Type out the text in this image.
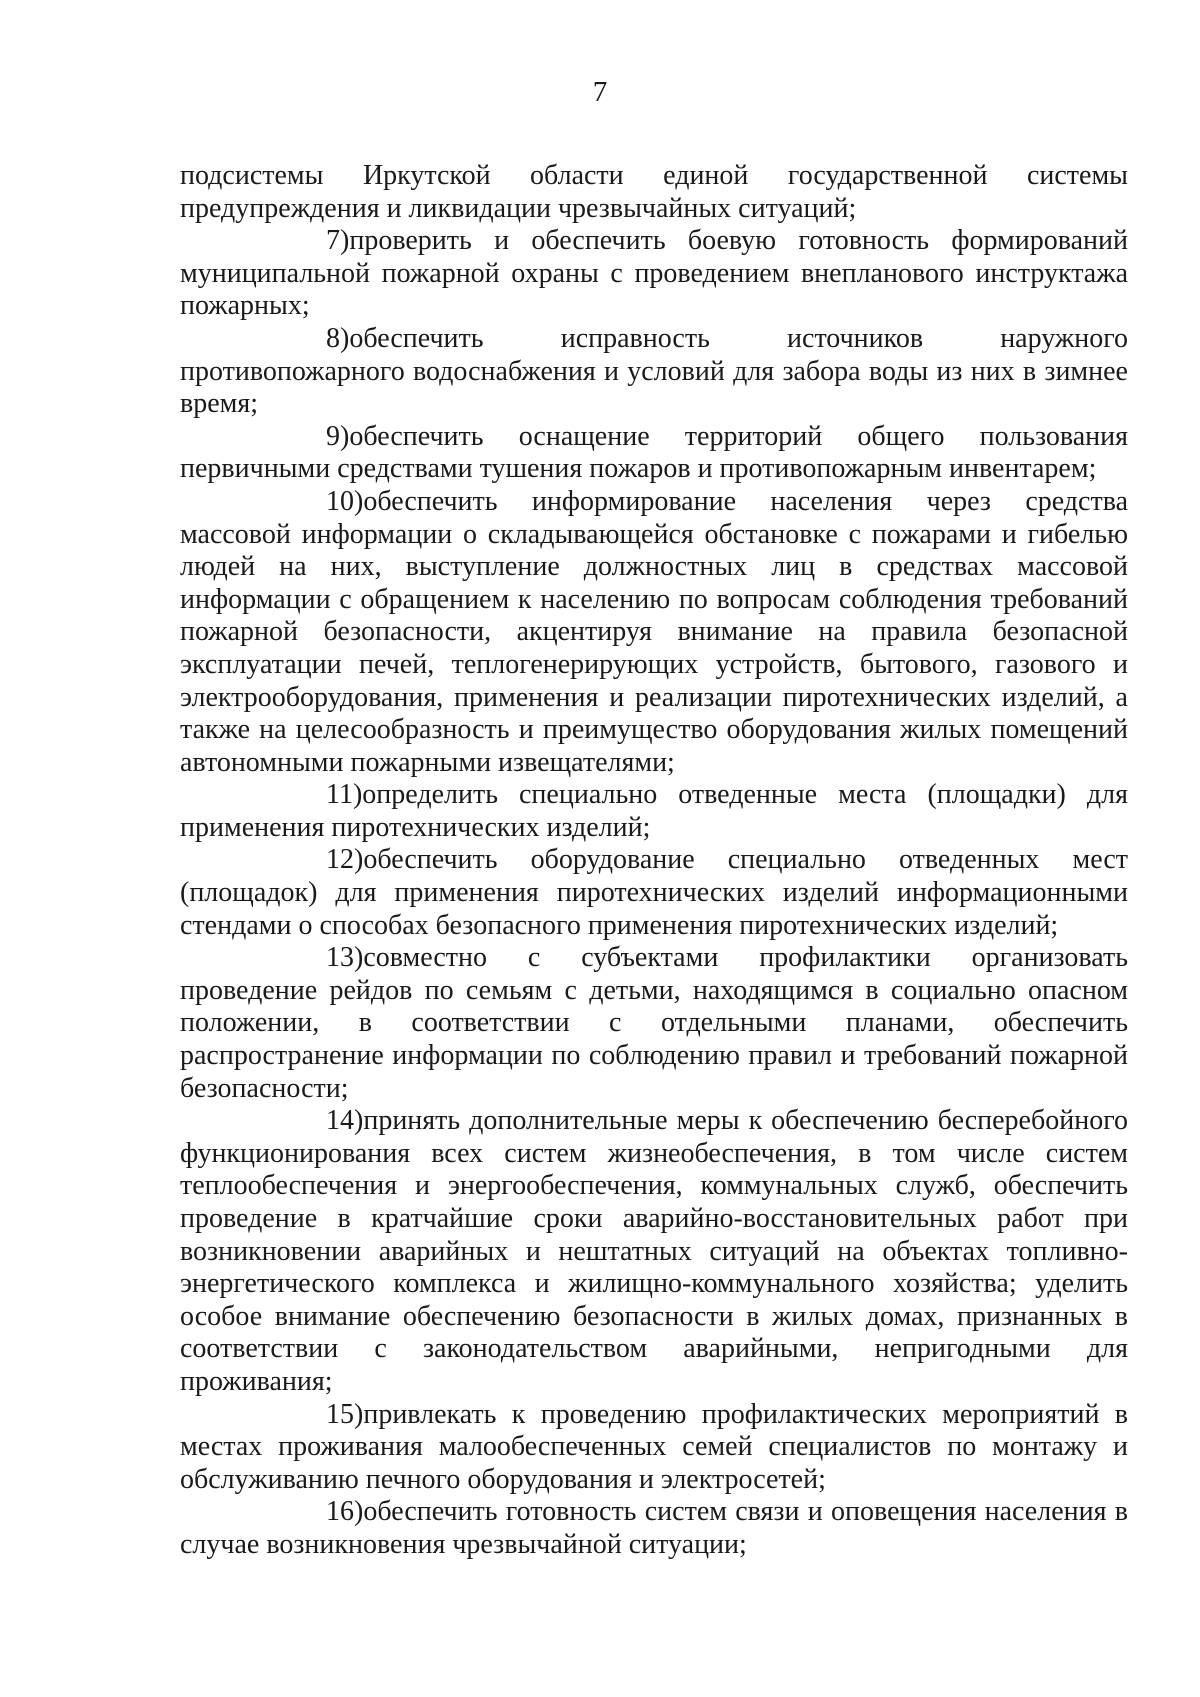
7

подсистемы Иркутской области единой государственной системы предупреждения и ликвидации чрезвычайных ситуаций;

7)проверить и обеспечить боевую готовность формирований муниципальной пожарной охраны с проведением внепланового инструктажа пожарных;

8)обеспечить исправность источников наружного противопожарного водоснабжения и условий для забора воды из них в зимнее время;

9)обеспечить оснащение территорий общего пользования первичными средствами тушения пожаров и противопожарным инвентарем;

10)обеспечить информирование населения через средства массовой информации о складывающейся обстановке с пожарами и гибелью людей на них, выступление должностных лиц в средствах массовой информации с обращением к населению по вопросам соблюдения требований пожарной безопасности, акцентируя внимание на правила безопасной эксплуатации печей, теплогенерирующих устройств, бытового, газового и электрооборудования, применения и реализации пиротехнических изделий, а также на целесообразность и преимущество оборудования жилых помещений автономными пожарными извещателями;

11)определить специально отведенные места (площадки) для применения пиротехнических изделий;

12)обеспечить оборудование специально отведенных мест (площадок) для применения пиротехнических изделий информационными стендами о способах безопасного применения пиротехнических изделий;

13)совместно с субъектами профилактики организовать проведение рейдов по семьям с детьми, находящимся в социально опасном положении, в соответствии с отдельными планами, обеспечить распространение информации по соблюдению правил и требований пожарной безопасности;

14)принять дополнительные меры к обеспечению бесперебойного функционирования всех систем жизнеобеспечения, в том числе систем теплообеспечения и энергообеспечения, коммунальных служб, обеспечить проведение в кратчайшие сроки аварийно-восстановительных работ при возникновении аварийных и нештатных ситуаций на объектах топливно-энергетического комплекса и жилищно-коммунального хозяйства; уделить особое внимание обеспечению безопасности в жилых домах, признанных в соответствии с законодательством аварийными, непригодными для проживания;

15)привлекать к проведению профилактических мероприятий в местах проживания малообеспеченных семей специалистов по монтажу и обслуживанию печного оборудования и электросетей;

16)обеспечить готовность систем связи и оповещения населения в случае возникновения чрезвычайной ситуации;
